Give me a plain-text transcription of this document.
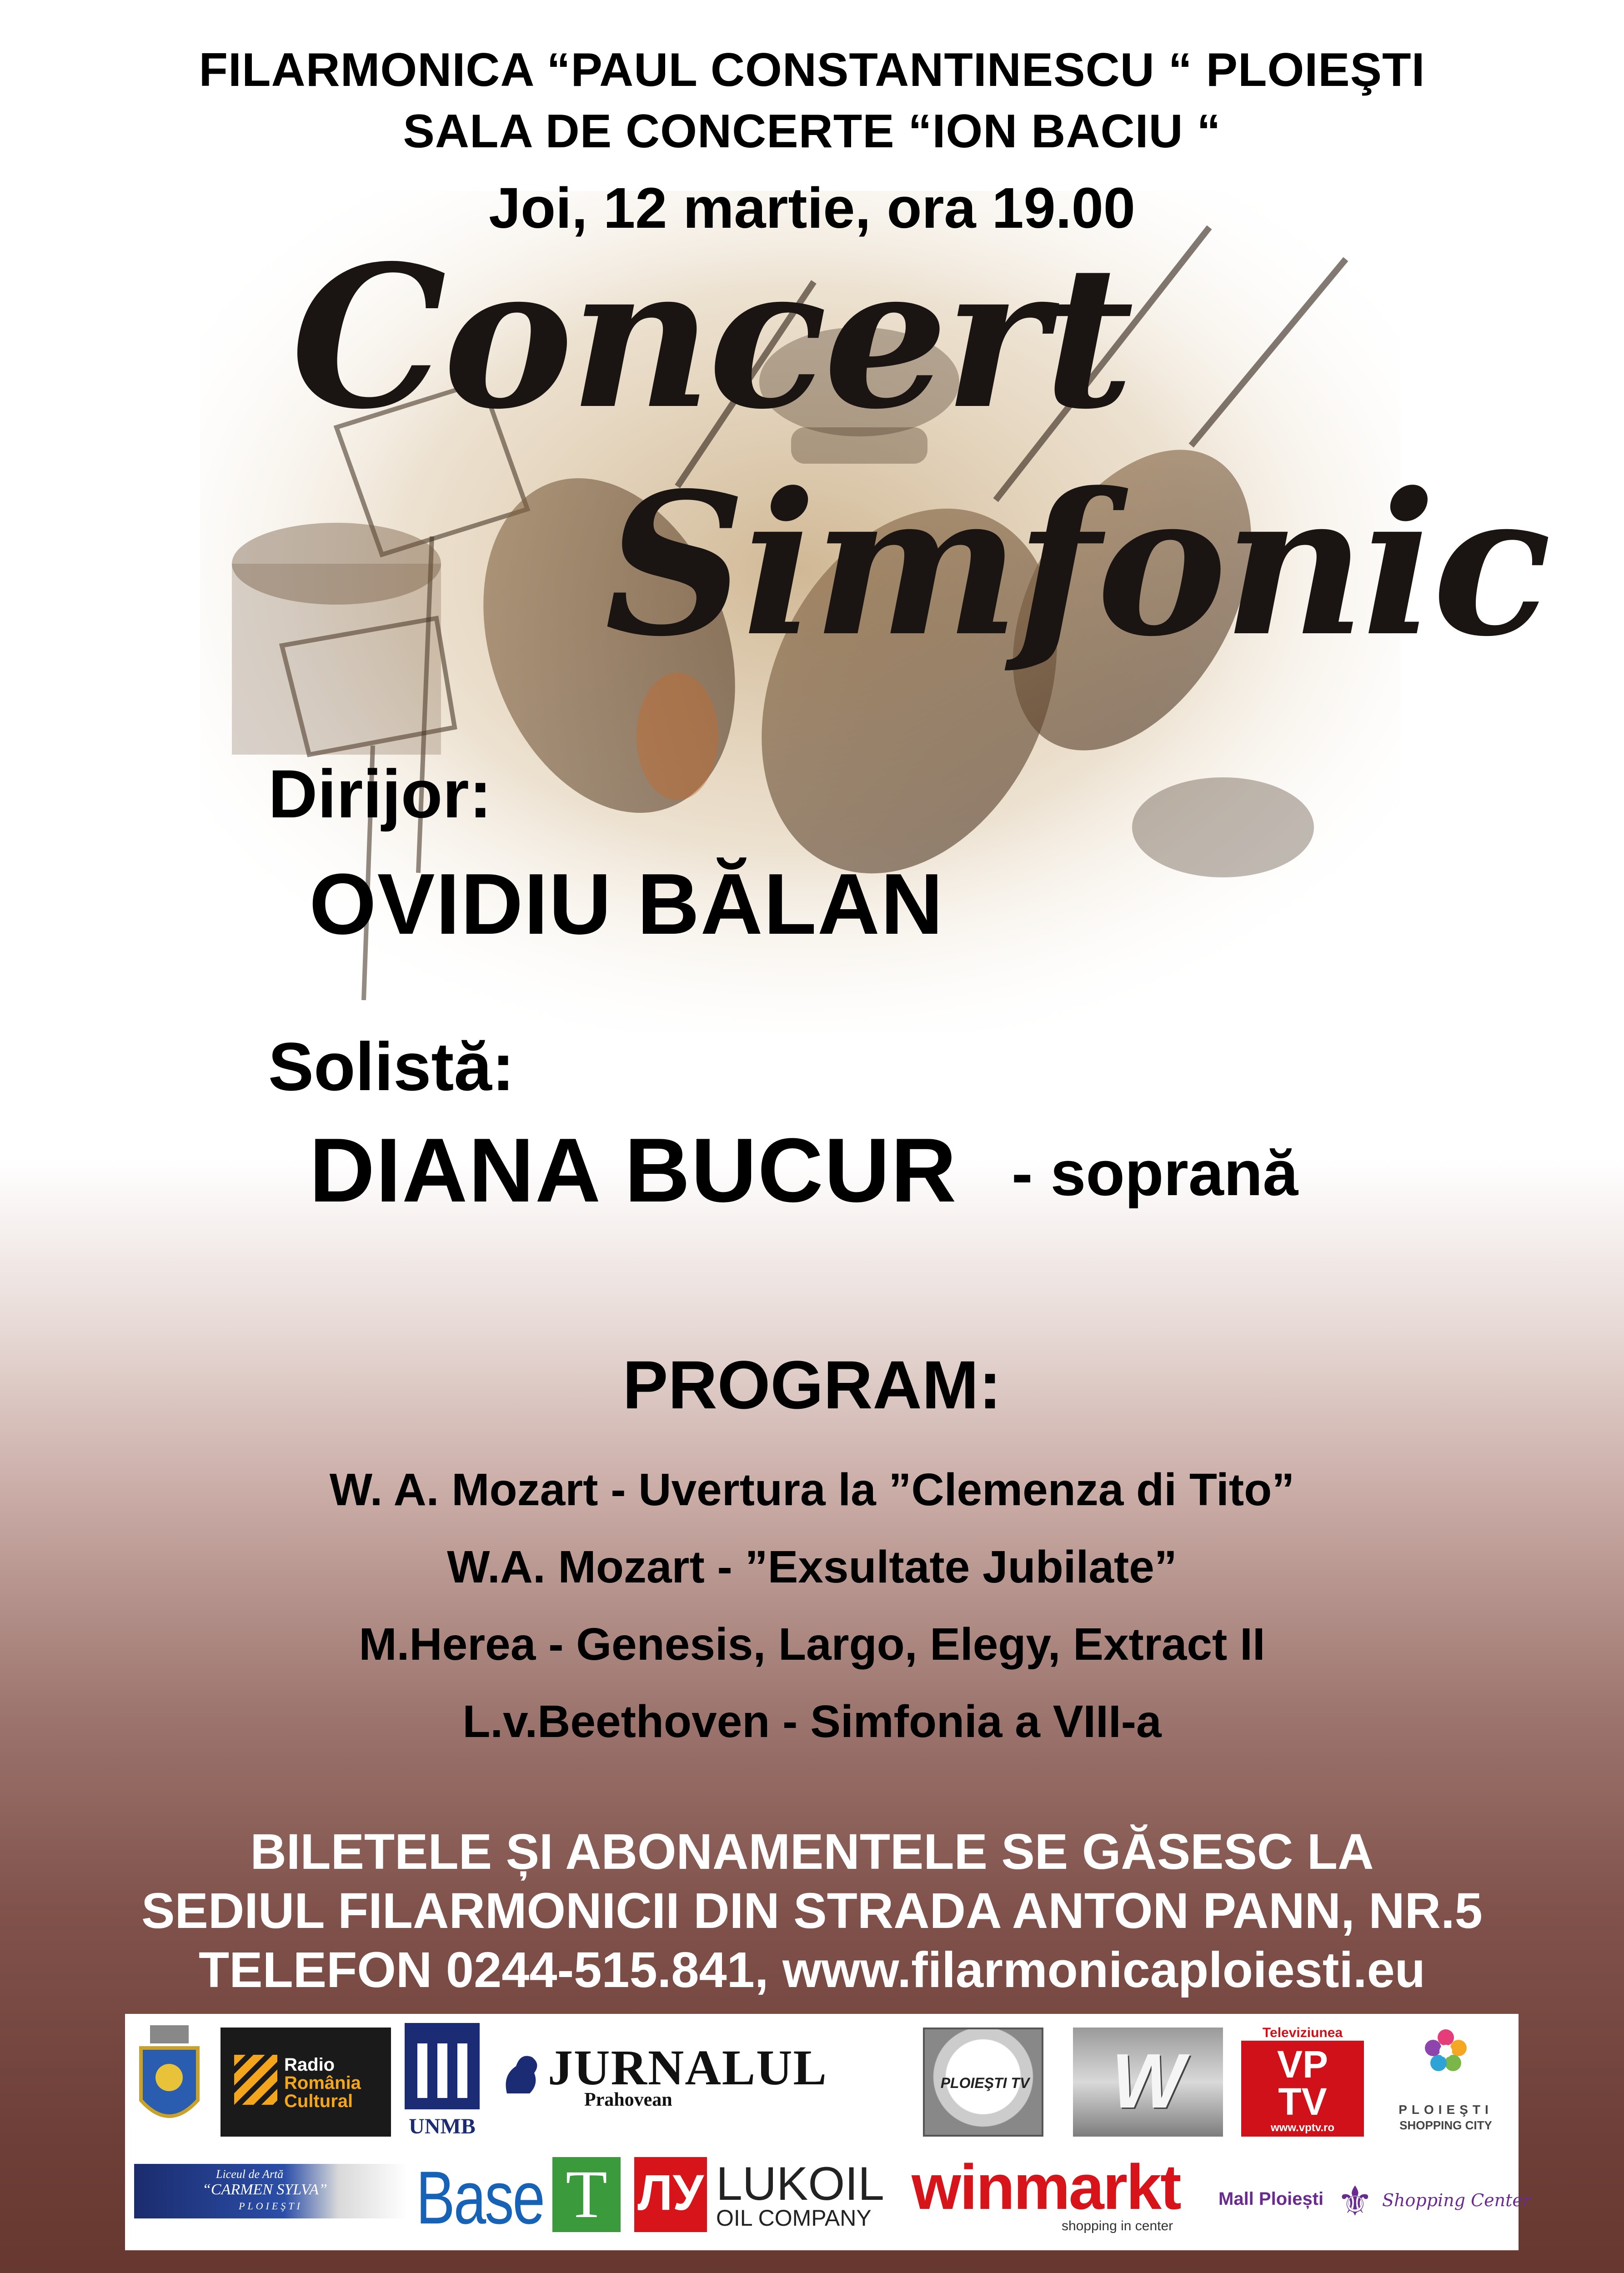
FILARMONICA “PAUL CONSTANTINESCU “ PLOIEŞTI
SALA DE CONCERTE “ION BACIU “
Joi, 12 martie, ora 19.00
Concert
Simfonic
Dirijor:
OVIDIU BĂLAN
Solistă:
DIANA BUCUR - soprană
PROGRAM:
W. A. Mozart - Uvertura la ”Clemenza di Tito”
W.A. Mozart - ”Exsultate Jubilate”
M.Herea - Genesis, Largo, Elegy, Extract II
L.v.Beethoven - Simfonia a VIII-a
BILETELE ȘI ABONAMENTELE SE GĂSESC LA
SEDIUL FILARMONICII DIN STRADA ANTON PANN, NR.5
TELEFON 0244-515.841, www.filarmonicaploiesti.eu
Radio
România
Cultural
UNMB
JURNALUL
Prahovean
PLOIEŞTI TV	W
Televiziunea
VP
TV
www.vptv.ro
PLOIEŞTI
SHOPPING CITY
Liceul de Artă
“CARMEN SYLVA”
PLOIEŞTI Base T ЛУ LUKOIL
OIL COMPANY winmarkt
shopping in center
Mall Ploiești ⚜ Shopping Center
